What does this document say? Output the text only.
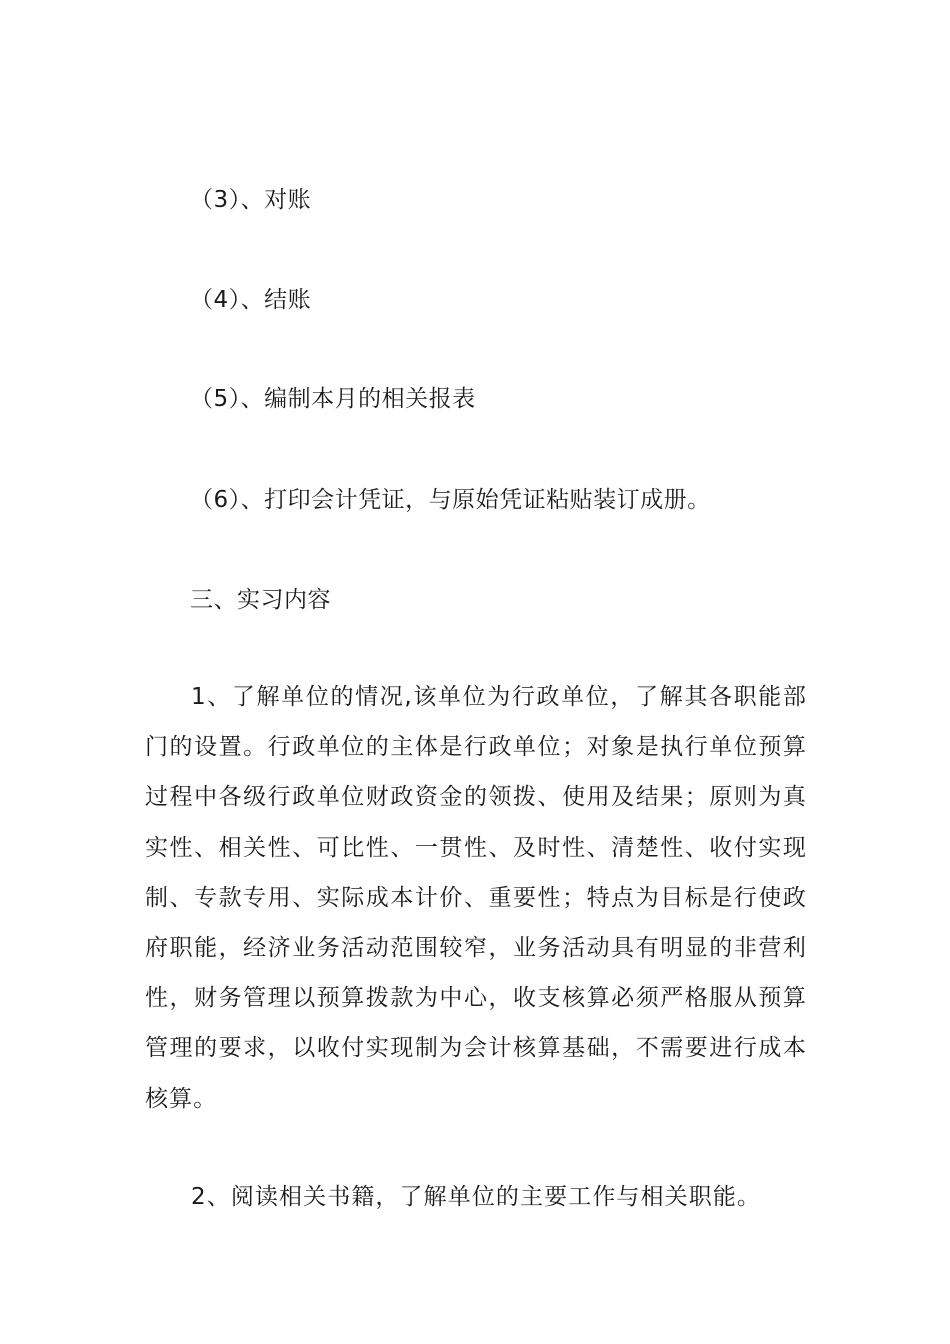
（3）、对账
（4）、结账
（5）、编制本月的相关报表
（6）、打印会计凭证，与原始凭证粘贴装订成册。
三、实习内容
1、了解单位的情况,该单位为行政单位，了解其各职能部门的设置。行政单位的主体是行政单位；对象是执行单位预算过程中各级行政单位财政资金的领拨、使用及结果；原则为真实性、相关性、可比性、一贯性、及时性、清楚性、收付实现制、专款专用、实际成本计价、重要性；特点为目标是行使政府职能，经济业务活动范围较窄，业务活动具有明显的非营利性，财务管理以预算拨款为中心，收支核算必须严格服从预算管理的要求，以收付实现制为会计核算基础，不需要进行成本核算。
2、阅读相关书籍，了解单位的主要工作与相关职能。
